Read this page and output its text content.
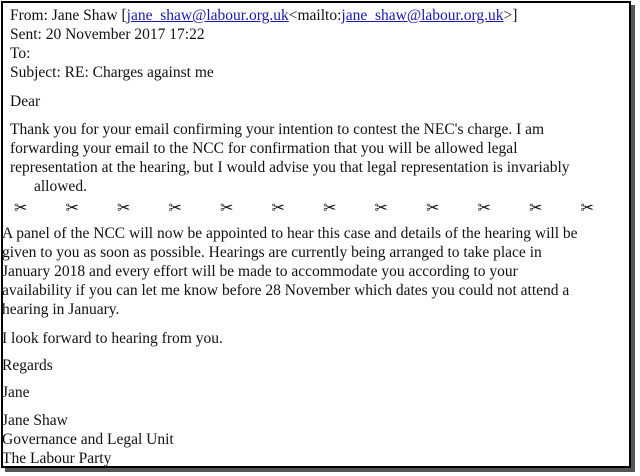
From: Jane Shaw [jane_shaw@labour.org.uk<mailto:jane_shaw@labour.org.uk>]
Sent: 20 November 2017 17:22
To:
Subject: RE: Charges against me
Dear
Thank you for your email confirming your intention to contest the NEC's charge. I am
forwarding your email to the NCC for confirmation that you will be allowed legal
representation at the hearing, but I would advise you that legal representation is invariably
allowed.
✂ ✂ ✂ ✂ ✂ ✂ ✂ ✂ ✂ ✂ ✂ ✂
A panel of the NCC will now be appointed to hear this case and details of the hearing will be
given to you as soon as possible. Hearings are currently being arranged to take place in
January 2018 and every effort will be made to accommodate you according to your
availability if you can let me know before 28 November which dates you could not attend a
hearing in January.
I look forward to hearing from you.
Regards
Jane
Jane Shaw
Governance and Legal Unit
The Labour Party
